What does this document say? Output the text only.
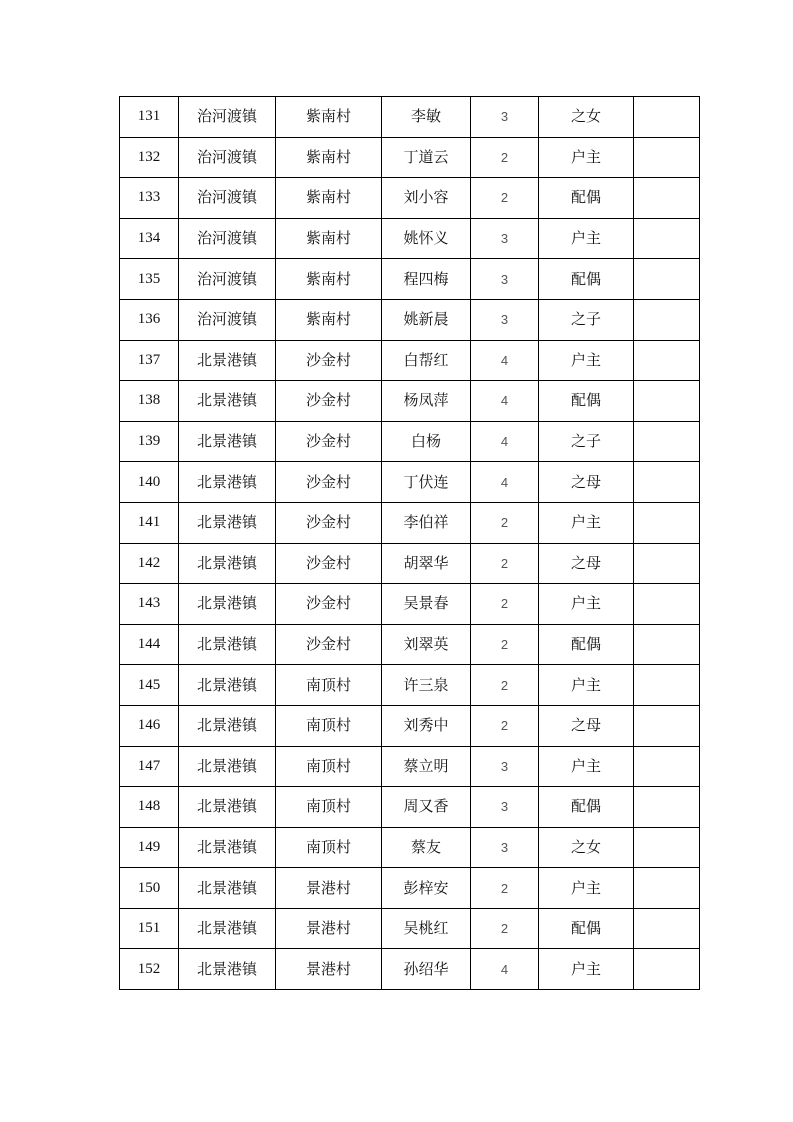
131	治河渡镇	紫南村	李敏	3	之女	
132	治河渡镇	紫南村	丁道云	2	户主	
133	治河渡镇	紫南村	刘小容	2	配偶	
134	治河渡镇	紫南村	姚怀义	3	户主	
135	治河渡镇	紫南村	程四梅	3	配偶	
136	治河渡镇	紫南村	姚新晨	3	之子	
137	北景港镇	沙金村	白帮红	4	户主	
138	北景港镇	沙金村	杨凤萍	4	配偶	
139	北景港镇	沙金村	白杨	4	之子	
140	北景港镇	沙金村	丁伏连	4	之母	
141	北景港镇	沙金村	李伯祥	2	户主	
142	北景港镇	沙金村	胡翠华	2	之母	
143	北景港镇	沙金村	吴景春	2	户主	
144	北景港镇	沙金村	刘翠英	2	配偶	
145	北景港镇	南顶村	许三泉	2	户主	
146	北景港镇	南顶村	刘秀中	2	之母	
147	北景港镇	南顶村	蔡立明	3	户主	
148	北景港镇	南顶村	周又香	3	配偶	
149	北景港镇	南顶村	蔡友	3	之女	
150	北景港镇	景港村	彭梓安	2	户主	
151	北景港镇	景港村	吴桃红	2	配偶	
152	北景港镇	景港村	孙绍华	4	户主	
